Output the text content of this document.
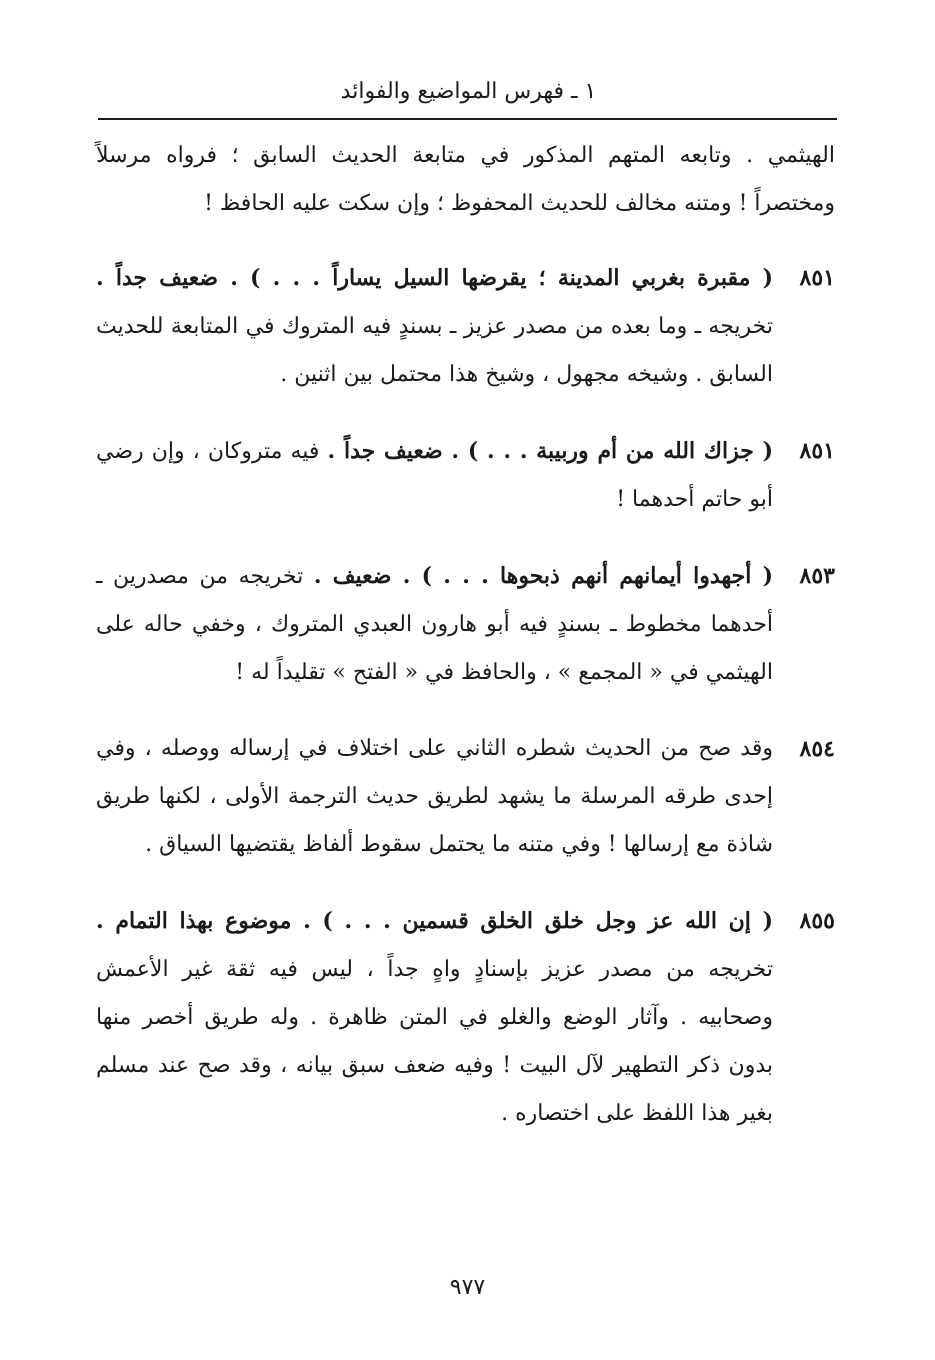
١ ـ فهرس المواضيع والفوائد

الهيثمي . وتابعه المتهم المذكور في متابعة الحديث السابق ؛ فرواه مرسلاً ومختصراً ! ومتنه مخالف للحديث المحفوظ ؛ وإن سكت عليه الحافظ !

٨٥١
( مقبرة بغربي المدينة ؛ يقرضها السيل يساراً . . . ) . ضعيف جداً . تخريجه ـ وما بعده من مصدر عزيز ـ بسندٍ فيه المتروك في المتابعة للحديث السابق . وشيخه مجهول ، وشيخ هذا محتمل بين اثنين .
٨٥١
( جزاك الله من أم وربيبة . . . ) . ضعيف جداً . فيه متروكان ، وإن رضي أبو حاتم أحدهما !
٨٥٣
( أجهدوا أيمانهم أنهم ذبحوها . . . ) . ضعيف . تخريجه من مصدرين ـ أحدهما مخطوط ـ بسندٍ فيه أبو هارون العبدي المتروك ، وخفي حاله على الهيثمي في « المجمع » ، والحافظ في « الفتح » تقليداً له !
٨٥٤
وقد صح من الحديث شطره الثاني على اختلاف في إرساله ووصله ، وفي إحدى طرقه المرسلة ما يشهد لطريق حديث الترجمة الأولى ، لكنها طريق شاذة مع إرسالها ! وفي متنه ما يحتمل سقوط ألفاظ يقتضيها السياق .
٨٥٥
( إن الله عز وجل خلق الخلق قسمين . . . ) . موضوع بهذا التمام . تخريجه من مصدر عزيز بإسنادٍ واهٍ جداً ، ليس فيه ثقة غير الأعمش وصحابيه . وآثار الوضع والغلو في المتن ظاهرة . وله طريق أخصر منها بدون ذكر التطهير لآل البيت ! وفيه ضعف سبق بيانه ، وقد صح عند مسلم بغير هذا اللفظ على اختصاره .
٩٧٧
